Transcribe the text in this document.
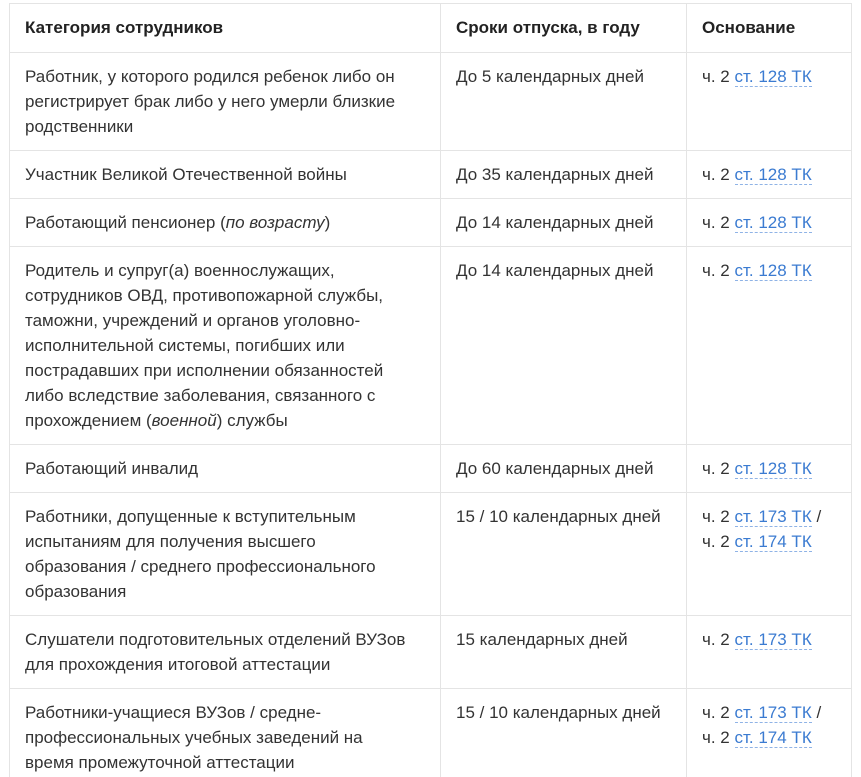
Категория сотрудников	Сроки отпуска, в году	Основание
Работник, у которого родился ребенок либо он регистрирует брак либо у него умерли близкие родственники	До 5 календарных дней	ч. 2 ст. 128 ТК
Участник Великой Отечественной войны	До 35 календарных дней	ч. 2 ст. 128 ТК
Работающий пенсионер (по возрасту)	До 14 календарных дней	ч. 2 ст. 128 ТК
Родитель и супруг(а) военнослужащих, сотрудников ОВД, противопожарной службы, таможни, учреждений и органов уголовно-исполнительной системы, погибших или пострадавших при исполнении обязанностей либо вследствие заболевания, связанного с прохождением (военной) службы	До 14 календарных дней	ч. 2 ст. 128 ТК
Работающий инвалид	До 60 календарных дней	ч. 2 ст. 128 ТК
Работники, допущенные к вступительным испытаниям для получения высшего образования / среднего профессионального образования	15 / 10 календарных дней	ч. 2 ст. 173 ТК /
ч. 2 ст. 174 ТК
Слушатели подготовительных отделений ВУЗов для прохождения итоговой аттестации	15 календарных дней	ч. 2 ст. 173 ТК
Работники-учащиеся ВУЗов / средне-профессиональных учебных заведений на время промежуточной аттестации	15 / 10 календарных дней	ч. 2 ст. 173 ТК /
ч. 2 ст. 174 ТК
